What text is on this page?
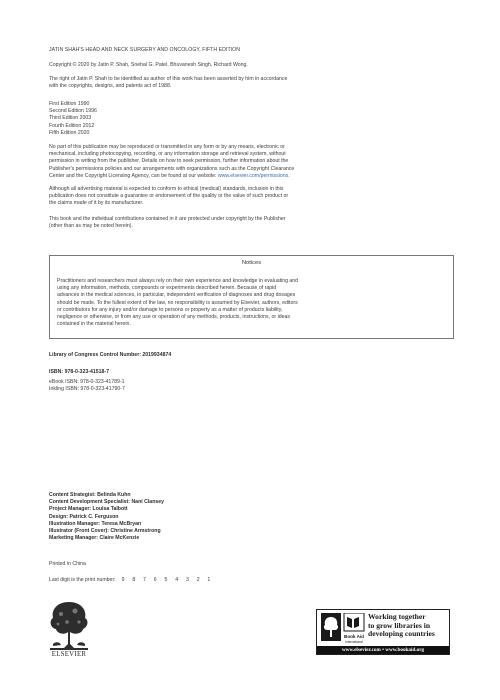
JATIN SHAH'S HEAD AND NECK SURGERY AND ONCOLOGY, FIFTH EDITION
Copyright © 2020 by Jatin P. Shah, Snehal G. Patel, Bhuvanesh Singh, Richard Wong.

The right of Jatin P. Shah to be identified as author of this work has been asserted by him in accordance

with the copyrights, designs, and patents act of 1988.

First Edition 1990

Second Edition 1996

Third Edition 2003

Fourth Edition 2012

Fifth Edition 2020

No part of this publication may be reproduced or transmitted in any form or by any means, electronic or

mechanical, including photocopying, recording, or any information storage and retrieval system, without

permission in writing from the publisher. Details on how to seek permission, further information about the

Publisher's permissions policies and our arrangements with organizations such as the Copyright Clearance

Center and the Copyright Licensing Agency, can be found at our website: www.elsevier.com/permissions.

Although all advertising material is expected to conform to ethical (medical) standards, inclusion in this

publication does not constitute a guarantee or endorsement of the quality or the value of such product or

the claims made of it by its manufacturer.

This book and the individual contributions contained in it are protected under copyright by the Publisher

(other than as may be noted herein).

Notices

Practitioners and researchers must always rely on their own experience and knowledge in evaluating and

using any information, methods, compounds or experiments described herein. Because of rapid

advances in the medical sciences, in particular, independent verification of diagnoses and drug dosages

should be made. To the fullest extent of the law, no responsibility is assumed by Elsevier, authors, editors

or contributors for any injury and/or damage to persons or property as a matter of products liability,

negligence or otherwise, or from any use or operation of any methods, products, instructions, or ideas

contained in the material herein.

Library of Congress Control Number: 2019934874
ISBN: 978-0-323-41518-7

eBook ISBN: 978-0-323-41789-1

Inkling ISBN: 978-0-323-41790-7

Content Strategist: Belinda Kuhn

Content Development Specialist: Nani Clansey

Project Manager: Louisa Talbott

Design: Patrick C. Ferguson

Illustration Manager: Teresa McBryan

Illustrator (Front Cover): Christine Armstrong

Marketing Manager: Claire McKenzie

Printed in China
Last digit is the print number: 9 8 7 6 5 4 3 2 1
ELSEVIER
Book Aid
International

Working together

to grow libraries in

developing countries

www.elsevier.com • www.bookaid.org
